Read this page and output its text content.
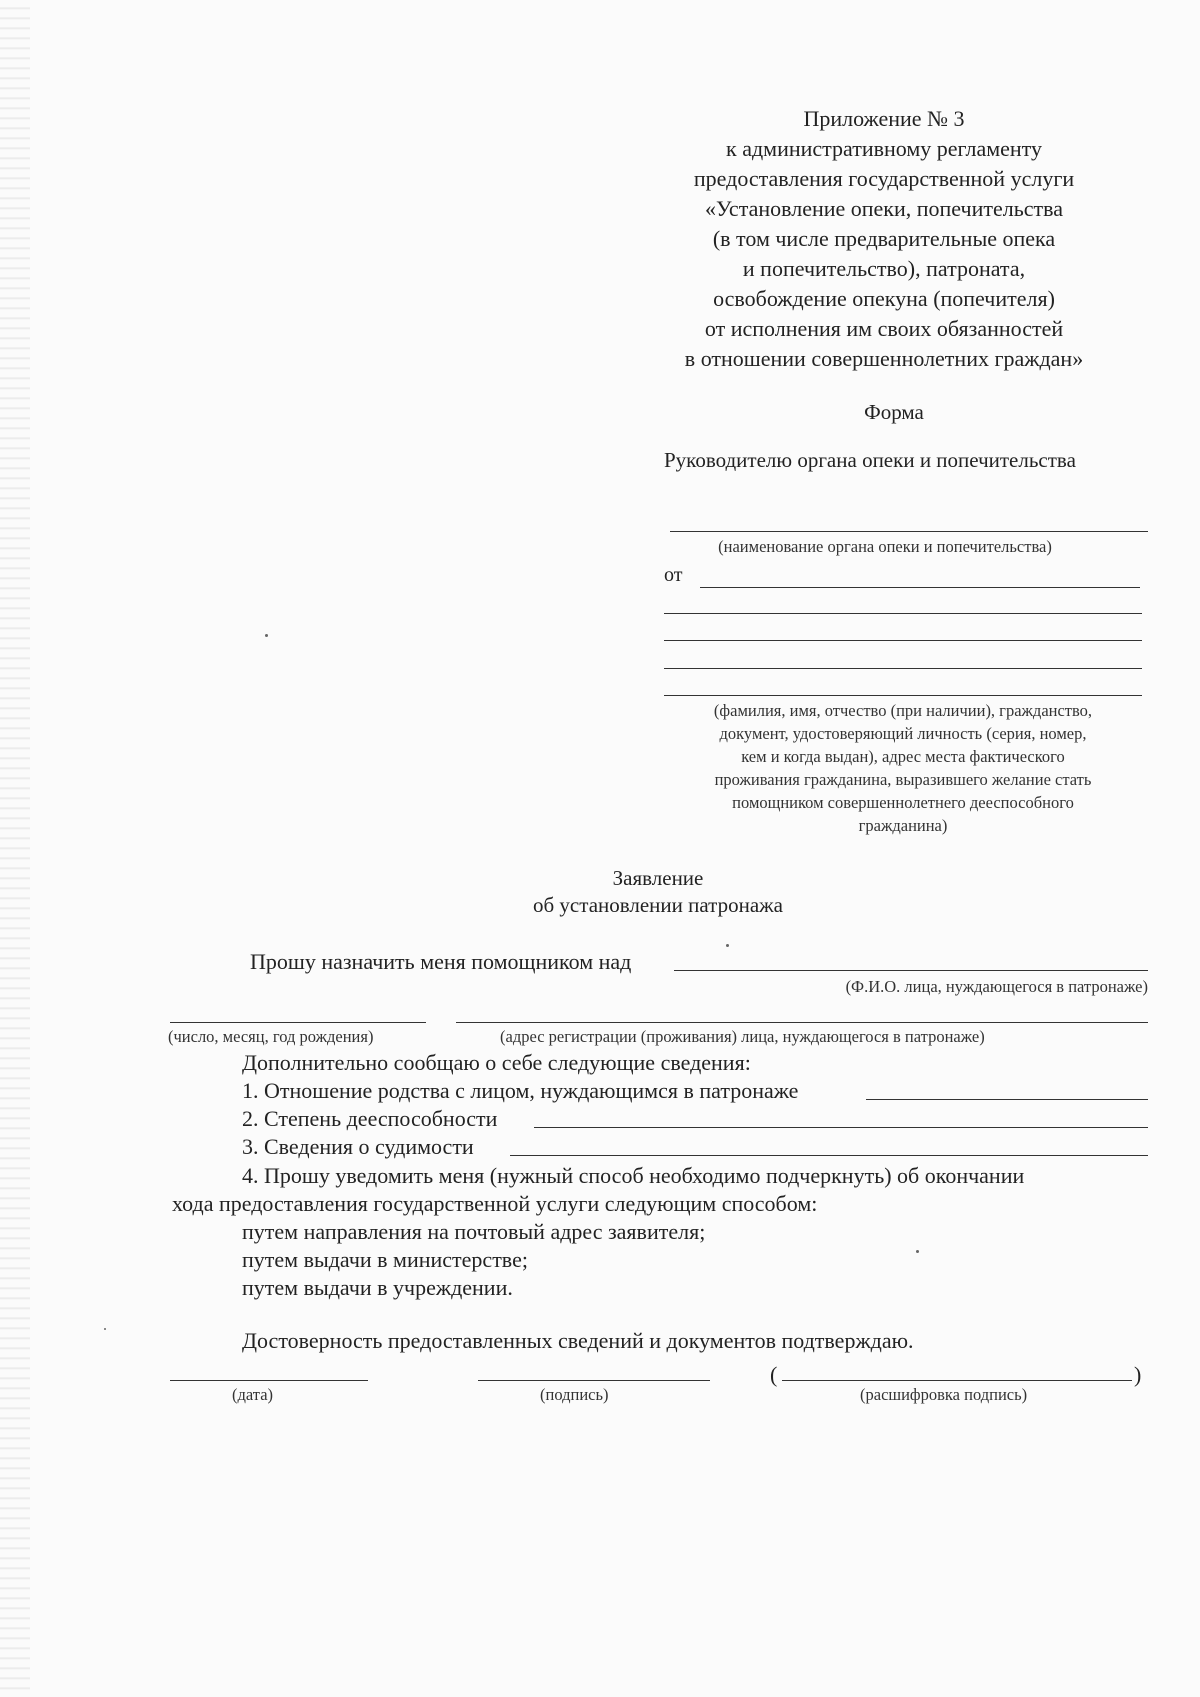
Приложение № 3
к административному регламенту
предоставления государственной услуги
«Установление опеки, попечительства
(в том числе предварительные опека
и попечительство), патроната,
освобождение опекуна (попечителя)
от исполнения им своих обязанностей
в отношении совершеннолетних граждан»
Форма
Руководителю органа опеки и попечительства
(наименование органа опеки и попечительства)
от
(фамилия, имя, отчество (при наличии), гражданство,
документ, удостоверяющий личность (серия, номер,
кем и когда выдан), адрес места фактического
проживания гражданина, выразившего желание стать
помощником совершеннолетнего дееспособного
гражданина)
Заявление
об установлении патронажа
Прошу назначить меня помощником над
(Ф.И.О. лица, нуждающегося в патронаже)
(число, месяц, год рождения)	(адрес регистрации (проживания) лица, нуждающегося в патронаже)
Дополнительно сообщаю о себе следующие сведения:
1. Отношение родства с лицом, нуждающимся в патронаже
2. Степень дееспособности
3. Сведения о судимости
4. Прошу уведомить меня (нужный способ необходимо подчеркнуть) об окончании
хода предоставления государственной услуги следующим способом:
путем направления на почтовый адрес заявителя;
путем выдачи в министерстве;
путем выдачи в учреждении.
Достоверность предоставленных сведений и документов подтверждаю.
(	)
(дата)	(подпись)	(расшифровка подпись)
